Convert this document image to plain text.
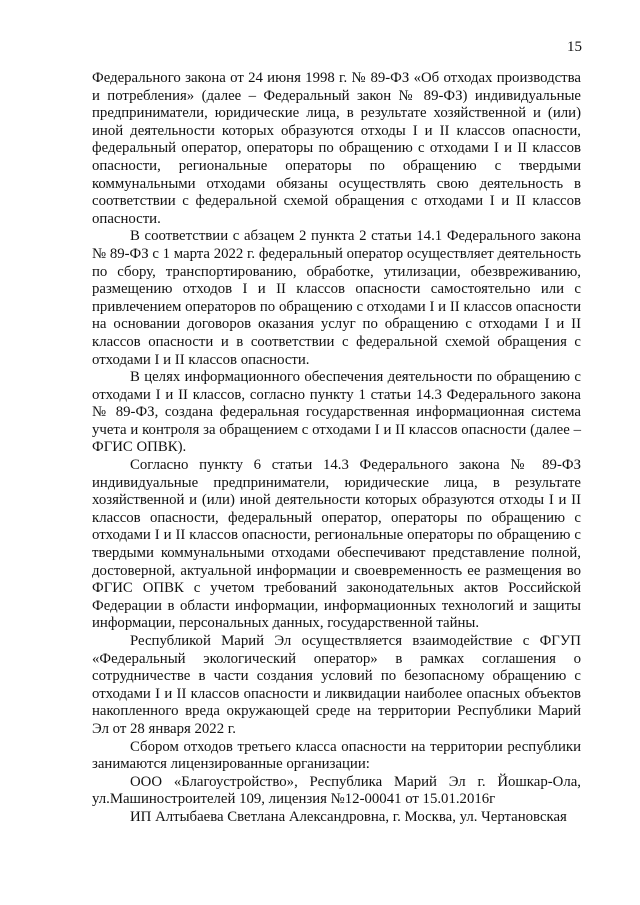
15

Федерального закона от 24 июня 1998 г. № 89-ФЗ «Об отходах производства и потребления» (далее – Федеральный закон № 89-ФЗ) индивидуальные предприниматели, юридические лица, в результате хозяйственной и (или) иной деятельности которых образуются отходы I и II классов опасности, федеральный оператор, операторы по обращению с отходами I и II классов опасности, региональные операторы по обращению с твердыми коммунальными отходами обязаны осуществлять свою деятельность в соответствии с федеральной схемой обращения с отходами I и II классов опасности.

В соответствии с абзацем 2 пункта 2 статьи 14.1 Федерального закона № 89-ФЗ с 1 марта 2022 г. федеральный оператор осуществляет деятельность по сбору, транспортированию, обработке, утилизации, обезвреживанию, размещению отходов I и II классов опасности самостоятельно или с привлечением операторов по обращению с отходами I и II классов опасности на основании договоров оказания услуг по обращению с отходами I и II классов опасности и в соответствии с федеральной схемой обращения с отходами I и II классов опасности.

В целях информационного обеспечения деятельности по обращению с отходами I и II классов, согласно пункту 1 статьи 14.3 Федерального закона № 89-ФЗ, создана федеральная государственная информационная система учета и контроля за обращением с отходами I и II классов опасности (далее – ФГИС ОПВК).

Согласно пункту 6 статьи 14.3 Федерального закона № 89-ФЗ индивидуальные предприниматели, юридические лица, в результате хозяйственной и (или) иной деятельности которых образуются отходы I и II классов опасности, федеральный оператор, операторы по обращению с отходами I и II классов опасности, региональные операторы по обращению с твердыми коммунальными отходами обеспечивают представление полной, достоверной, актуальной информации и своевременность ее размещения во ФГИС ОПВК с учетом требований законодательных актов Российской Федерации в области информации, информационных технологий и защиты информации, персональных данных, государственной тайны.

Республикой Марий Эл осуществляется взаимодействие с ФГУП «Федеральный экологический оператор» в рамках соглашения о сотрудничестве в части создания условий по безопасному обращению с отходами I и II классов опасности и ликвидации наиболее опасных объектов накопленного вреда окружающей среде на территории Республики Марий Эл от 28 января 2022 г.

Сбором отходов третьего класса опасности на территории республики занимаются лицензированные организации:

ООО «Благоустройство», Республика Марий Эл г. Йошкар-Ола, ул.Машиностроителей 109, лицензия №12-00041 от 15.01.2016г

ИП Алтыбаева Светлана Александровна, г. Москва, ул. Чертановская
